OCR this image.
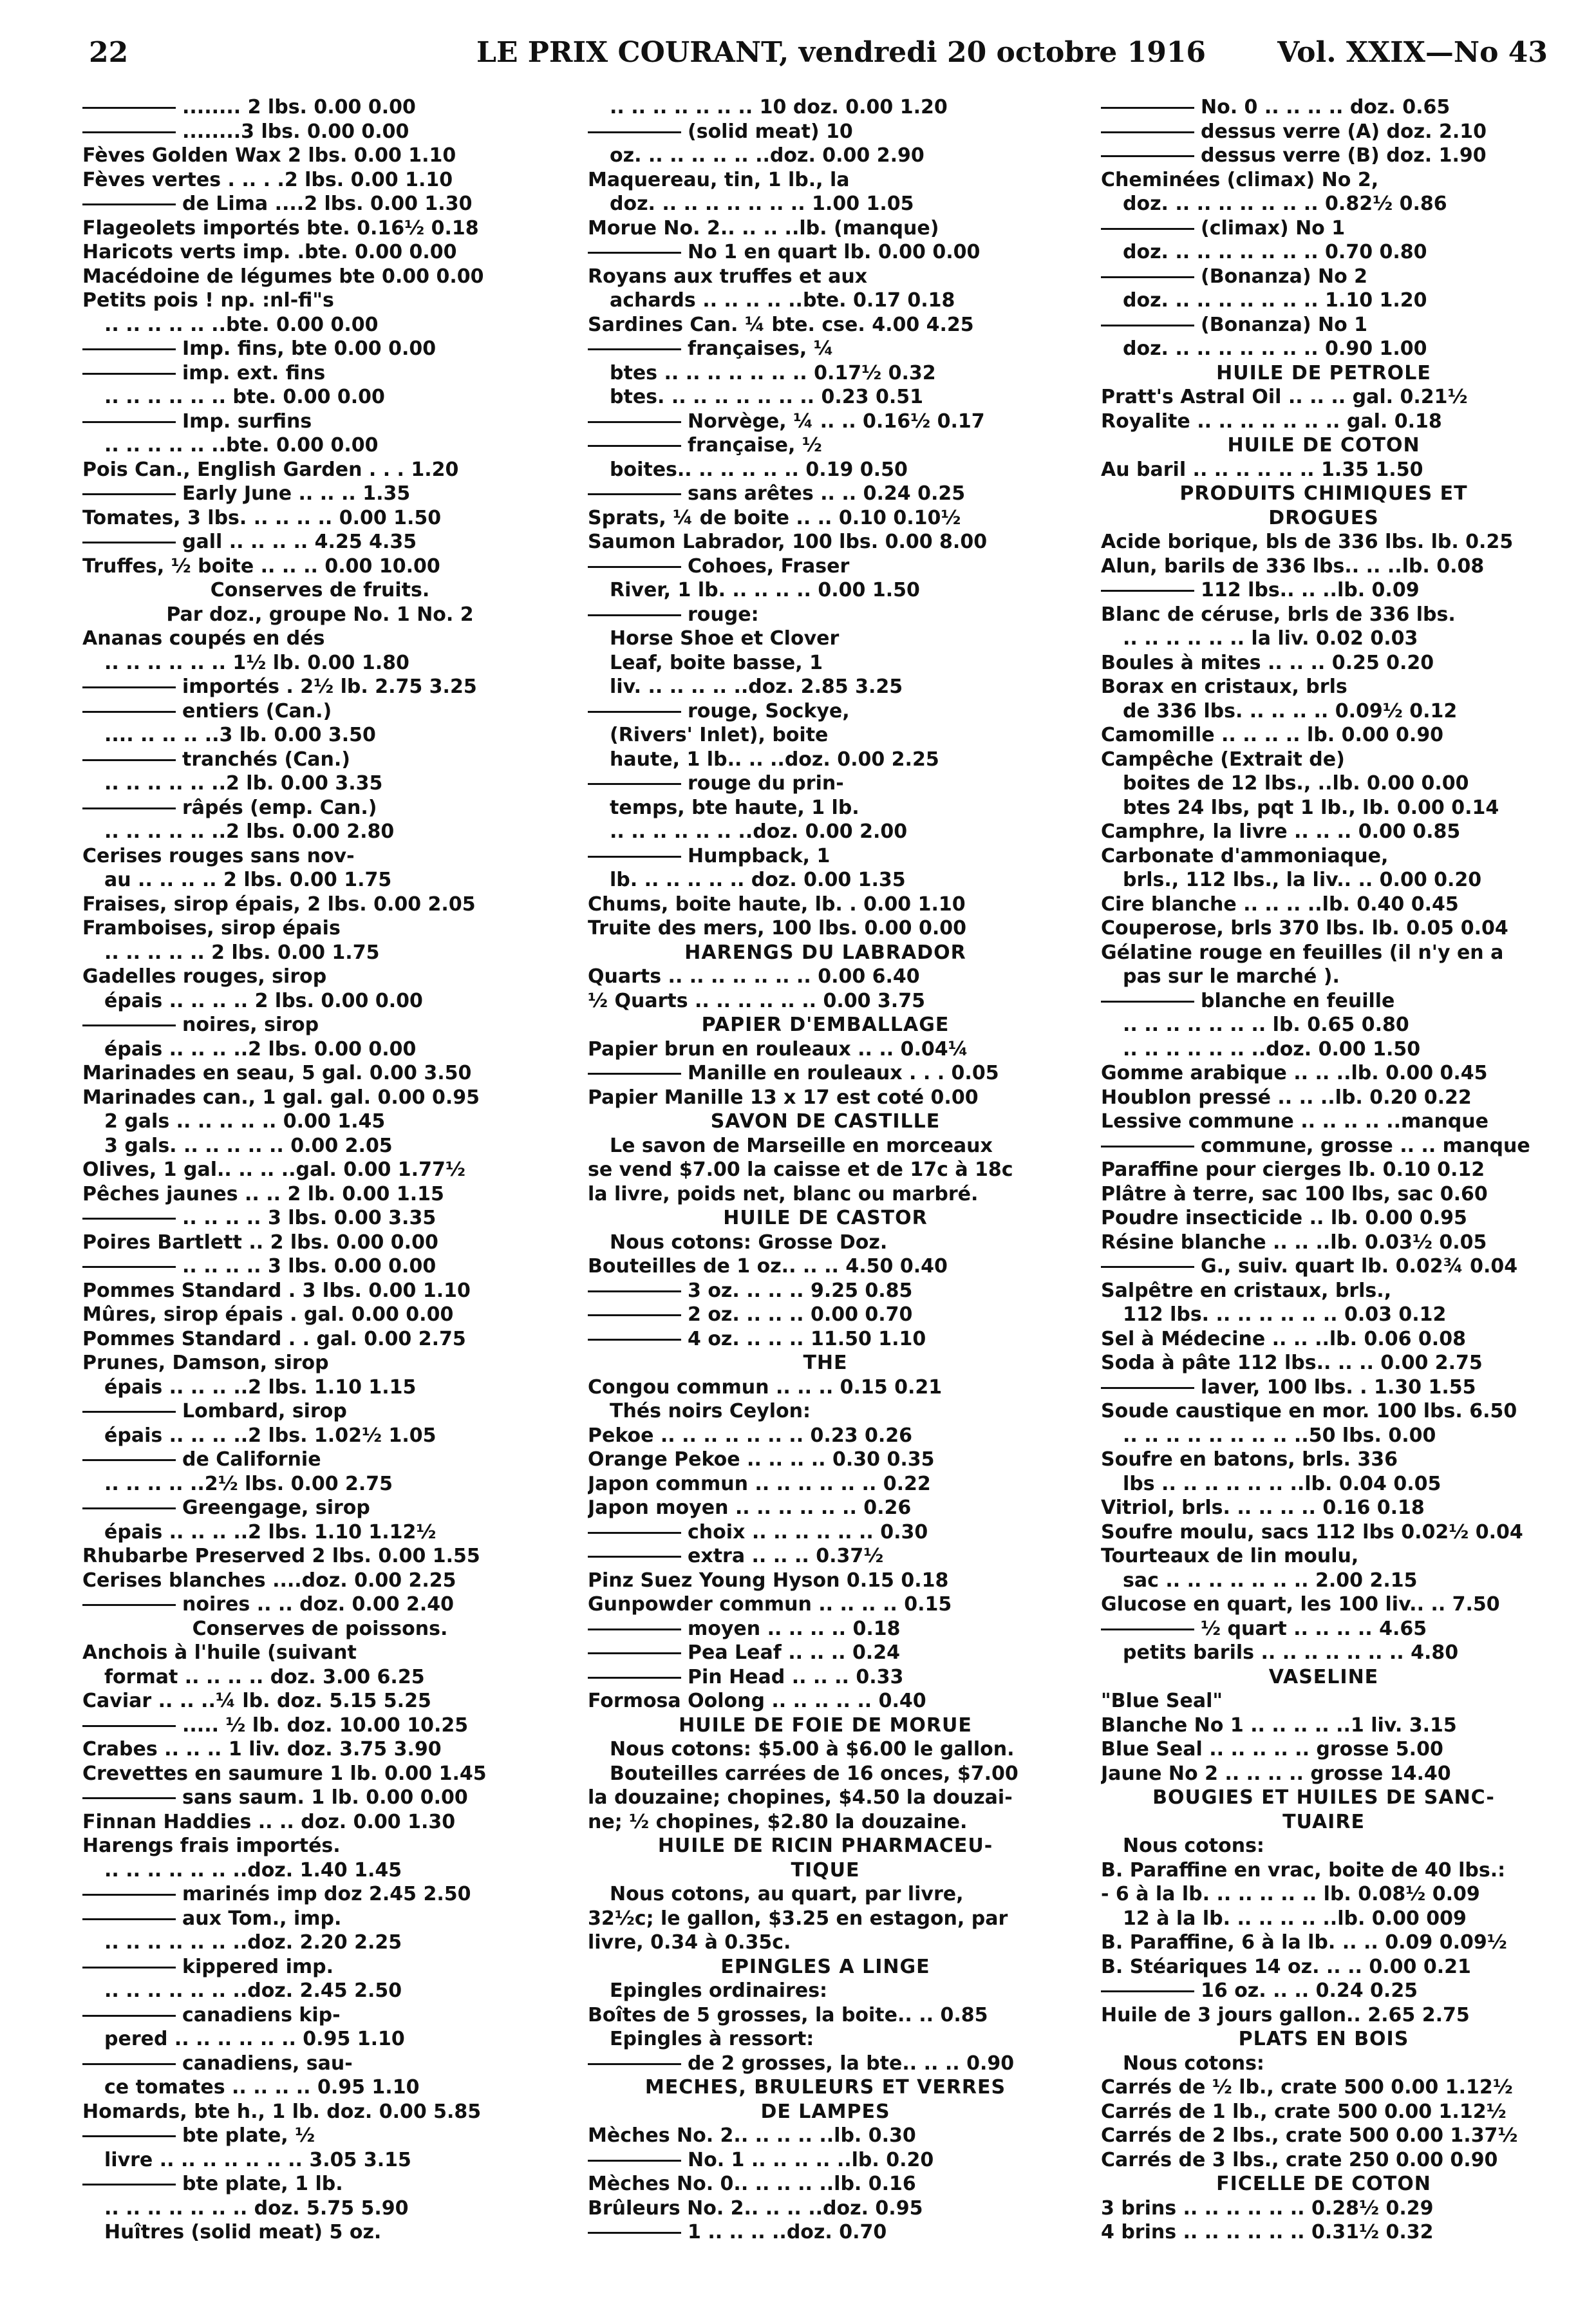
22	LE PRIX COURANT, vendredi 20 octobre 1916	Vol. XXIX—No 43
........ 2 lbs. 0.00 0.00
........3 lbs. 0.00 0.00
Fèves Golden Wax 2 lbs. 0.00 1.10
Fèves vertes . .. . .2 lbs. 0.00 1.10
de Lima ....2 lbs. 0.00 1.30
Flageolets importés bte. 0.16½ 0.18
Haricots verts imp. .bte. 0.00 0.00
Macédoine de légumes bte 0.00 0.00
Petits pois ! np. :nl-fi"s
.. .. .. .. .. ..bte. 0.00 0.00
Imp. fins, bte 0.00 0.00
imp. ext. fins
.. .. .. .. .. .. bte. 0.00 0.00
Imp. surfins
.. .. .. .. .. ..bte. 0.00 0.00
Pois Can., English Garden . . . 1.20
Early June .. .. .. 1.35
Tomates, 3 lbs. .. .. .. .. 0.00 1.50
gall .. .. .. .. 4.25 4.35
Truffes, ½ boite .. .. .. 0.00 10.00
Conserves de fruits.
Par doz., groupe No. 1 No. 2
Ananas coupés en dés
.. .. .. .. .. .. 1½ lb. 0.00 1.80
importés . 2½ lb. 2.75 3.25
entiers (Can.)
.... .. .. .. ..3 lb. 0.00 3.50
tranchés (Can.)
.. .. .. .. .. ..2 lb. 0.00 3.35
râpés (emp. Can.)
.. .. .. .. .. ..2 lbs. 0.00 2.80
Cerises rouges sans nov-
au .. .. .. .. 2 lbs. 0.00 1.75
Fraises, sirop épais, 2 lbs. 0.00 2.05
Framboises, sirop épais
.. .. .. .. .. 2 lbs. 0.00 1.75
Gadelles rouges, sirop
épais .. .. .. .. 2 lbs. 0.00 0.00
noires, sirop
épais .. .. .. ..2 lbs. 0.00 0.00
Marinades en seau, 5 gal. 0.00 3.50
Marinades can., 1 gal. gal. 0.00 0.95
2 gals .. .. .. .. .. 0.00 1.45
3 gals. .. .. .. .. .. 0.00 2.05
Olives, 1 gal.. .. .. ..gal. 0.00 1.77½
Pêches jaunes .. .. 2 lb. 0.00 1.15
.. .. .. .. 3 lbs. 0.00 3.35
Poires Bartlett .. 2 lbs. 0.00 0.00
.. .. .. .. 3 lbs. 0.00 0.00
Pommes Standard . 3 lbs. 0.00 1.10
Mûres, sirop épais . gal. 0.00 0.00
Pommes Standard . . gal. 0.00 2.75
Prunes, Damson, sirop
épais .. .. .. ..2 lbs. 1.10 1.15
Lombard, sirop
épais .. .. .. ..2 lbs. 1.02½ 1.05
de Californie
.. .. .. .. ..2½ lbs. 0.00 2.75
Greengage, sirop
épais .. .. .. ..2 lbs. 1.10 1.12½
Rhubarbe Preserved 2 lbs. 0.00 1.55
Cerises blanches ....doz. 0.00 2.25
noires .. .. doz. 0.00 2.40
Conserves de poissons.
Anchois à l'huile (suivant
format .. .. .. .. doz. 3.00 6.25
Caviar .. .. ..¼ lb. doz. 5.15 5.25
..... ½ lb. doz. 10.00 10.25
Crabes .. .. .. 1 liv. doz. 3.75 3.90
Crevettes en saumure 1 lb. 0.00 1.45
sans saum. 1 lb. 0.00 0.00
Finnan Haddies .. .. doz. 0.00 1.30
Harengs frais importés.
.. .. .. .. .. .. ..doz. 1.40 1.45
marinés imp doz 2.45 2.50
aux Tom., imp.
.. .. .. .. .. .. ..doz. 2.20 2.25
kippered imp.
.. .. .. .. .. .. ..doz. 2.45 2.50
canadiens kip-
pered .. .. .. .. .. .. 0.95 1.10
canadiens, sau-
ce tomates .. .. .. .. 0.95 1.10
Homards, bte h., 1 lb. doz. 0.00 5.85
bte plate, ½
livre .. .. .. .. .. .. .. 3.05 3.15
bte plate, 1 lb.
.. .. .. .. .. .. .. doz. 5.75 5.90
Huîtres (solid meat) 5 oz.
.. .. .. .. .. .. .. 10 doz. 0.00 1.20
(solid meat) 10
oz. .. .. .. .. .. ..doz. 0.00 2.90
Maquereau, tin, 1 lb., la
doz. .. .. .. .. .. .. .. 1.00 1.05
Morue No. 2.. .. .. ..lb. (manque)
No 1 en quart lb. 0.00 0.00
Royans aux truffes et aux
achards .. .. .. .. ..bte. 0.17 0.18
Sardines Can. ¼ bte. cse. 4.00 4.25
françaises, ¼
btes .. .. .. .. .. .. .. 0.17½ 0.32
btes. .. .. .. .. .. .. .. 0.23 0.51
Norvège, ¼ .. .. 0.16½ 0.17
française, ½
boites.. .. .. .. .. .. 0.19 0.50
sans arêtes .. .. 0.24 0.25
Sprats, ¼ de boite .. .. 0.10 0.10½
Saumon Labrador, 100 lbs. 0.00 8.00
Cohoes, Fraser
River, 1 lb. .. .. .. .. 0.00 1.50
rouge:
Horse Shoe et Clover
Leaf, boite basse, 1
liv. .. .. .. .. ..doz. 2.85 3.25
rouge, Sockye,
(Rivers' Inlet), boite
haute, 1 lb.. .. ..doz. 0.00 2.25
rouge du prin-
temps, bte haute, 1 lb.
.. .. .. .. .. .. ..doz. 0.00 2.00
Humpback, 1
lb. .. .. .. .. .. doz. 0.00 1.35
Chums, boite haute, lb. . 0.00 1.10
Truite des mers, 100 lbs. 0.00 0.00
HARENGS DU LABRADOR
Quarts .. .. .. .. .. .. .. 0.00 6.40
½ Quarts .. .. .. .. .. .. 0.00 3.75
PAPIER D'EMBALLAGE
Papier brun en rouleaux .. .. 0.04¼
Manille en rouleaux . . . 0.05
Papier Manille 13 x 17 est coté 0.00
SAVON DE CASTILLE
Le savon de Marseille en morceaux
se vend $7.00 la caisse et de 17c à 18c
la livre, poids net, blanc ou marbré.
HUILE DE CASTOR
Nous cotons: Grosse Doz.
Bouteilles de 1 oz.. .. .. 4.50 0.40
3 oz. .. .. .. 9.25 0.85
2 oz. .. .. .. 0.00 0.70
4 oz. .. .. .. 11.50 1.10
THE
Congou commun .. .. .. 0.15 0.21
Thés noirs Ceylon:
Pekoe .. .. .. .. .. .. .. 0.23 0.26
Orange Pekoe .. .. .. .. 0.30 0.35
Japon commun .. .. .. .. .. .. 0.22
Japon moyen .. .. .. .. .. .. 0.26
choix .. .. .. .. .. .. 0.30
extra .. .. .. 0.37½
Pinz Suez Young Hyson 0.15 0.18
Gunpowder commun .. .. .. .. 0.15
moyen .. .. .. .. 0.18
Pea Leaf .. .. .. 0.24
Pin Head .. .. .. 0.33
Formosa Oolong .. .. .. .. .. 0.40
HUILE DE FOIE DE MORUE
Nous cotons: $5.00 à $6.00 le gallon.
Bouteilles carrées de 16 onces, $7.00
la douzaine; chopines, $4.50 la douzai-
ne; ½ chopines, $2.80 la douzaine.
HUILE DE RICIN PHARMACEU-
TIQUE
Nous cotons, au quart, par livre,
32½c; le gallon, $3.25 en estagon, par
livre, 0.34 à 0.35c.
EPINGLES A LINGE
Epingles ordinaires:
Boîtes de 5 grosses, la boite.. .. 0.85
Epingles à ressort:
de 2 grosses, la bte.. .. .. 0.90
MECHES, BRULEURS ET VERRES
DE LAMPES
Mèches No. 2.. .. .. .. ..lb. 0.30
No. 1 .. .. .. .. ..lb. 0.20
Mèches No. 0.. .. .. .. ..lb. 0.16
Brûleurs No. 2.. .. .. ..doz. 0.95
1 .. .. .. ..doz. 0.70
No. 0 .. .. .. .. doz. 0.65
dessus verre (A) doz. 2.10
dessus verre (B) doz. 1.90
Cheminées (climax) No 2,
doz. .. .. .. .. .. .. .. 0.82½ 0.86
(climax) No 1
doz. .. .. .. .. .. .. .. 0.70 0.80
(Bonanza) No 2
doz. .. .. .. .. .. .. .. 1.10 1.20
(Bonanza) No 1
doz. .. .. .. .. .. .. .. 0.90 1.00
HUILE DE PETROLE
Pratt's Astral Oil .. .. .. gal. 0.21½
Royalite .. .. .. .. .. .. .. gal. 0.18
HUILE DE COTON
Au baril .. .. .. .. .. .. 1.35 1.50
PRODUITS CHIMIQUES ET
DROGUES
Acide borique, bls de 336 lbs. lb. 0.25
Alun, barils de 336 lbs.. .. ..lb. 0.08
112 lbs.. .. ..lb. 0.09
Blanc de céruse, brls de 336 lbs.
.. .. .. .. .. .. la liv. 0.02 0.03
Boules à mites .. .. .. 0.25 0.20
Borax en cristaux, brls
de 336 lbs. .. .. .. .. 0.09½ 0.12
Camomille .. .. .. .. lb. 0.00 0.90
Campêche (Extrait de)
boites de 12 lbs., ..lb. 0.00 0.00
btes 24 lbs, pqt 1 lb., lb. 0.00 0.14
Camphre, la livre .. .. .. 0.00 0.85
Carbonate d'ammoniaque,
brls., 112 lbs., la liv.. .. 0.00 0.20
Cire blanche .. .. .. ..lb. 0.40 0.45
Couperose, brls 370 lbs. lb. 0.05 0.04
Gélatine rouge en feuilles (il n'y en a
pas sur le marché ).
blanche en feuille
.. .. .. .. .. .. .. lb. 0.65 0.80
.. .. .. .. .. .. ..doz. 0.00 1.50
Gomme arabique .. .. ..lb. 0.00 0.45
Houblon pressé .. .. ..lb. 0.20 0.22
Lessive commune .. .. .. .. ..manque
commune, grosse .. .. manque
Paraffine pour cierges lb. 0.10 0.12
Plâtre à terre, sac 100 lbs, sac 0.60
Poudre insecticide .. lb. 0.00 0.95
Résine blanche .. .. ..lb. 0.03½ 0.05
G., suiv. quart lb. 0.02¾ 0.04
Salpêtre en cristaux, brls.,
112 lbs. .. .. .. .. .. .. 0.03 0.12
Sel à Médecine .. .. ..lb. 0.06 0.08
Soda à pâte 112 lbs.. .. .. 0.00 2.75
laver, 100 lbs. . 1.30 1.55
Soude caustique en mor. 100 lbs. 6.50
.. .. .. .. .. .. .. .. ..50 lbs. 0.00
Soufre en batons, brls. 336
lbs .. .. .. .. .. .. ..lb. 0.04 0.05
Vitriol, brls. .. .. .. .. 0.16 0.18
Soufre moulu, sacs 112 lbs 0.02½ 0.04
Tourteaux de lin moulu,
sac .. .. .. .. .. .. .. 2.00 2.15
Glucose en quart, les 100 liv.. .. 7.50
½ quart .. .. .. .. 4.65
petits barils .. .. .. .. .. .. .. 4.80
VASELINE
"Blue Seal"
Blanche No 1 .. .. .. .. ..1 liv. 3.15
Blue Seal .. .. .. .. .. grosse 5.00
Jaune No 2 .. .. .. .. grosse 14.40
BOUGIES ET HUILES DE SANC-
TUAIRE
Nous cotons:
B. Paraffine en vrac, boite de 40 lbs.:
- 6 à la lb. .. .. .. .. .. lb. 0.08½ 0.09
12 à la lb. .. .. .. .. ..lb. 0.00 009
B. Paraffine, 6 à la lb. .. .. 0.09 0.09½
B. Stéariques 14 oz. .. .. 0.00 0.21
16 oz. .. .. 0.24 0.25
Huile de 3 jours gallon.. 2.65 2.75
PLATS EN BOIS
Nous cotons:
Carrés de ½ lb., crate 500 0.00 1.12½
Carrés de 1 lb., crate 500 0.00 1.12½
Carrés de 2 lbs., crate 500 0.00 1.37½
Carrés de 3 lbs., crate 250 0.00 0.90
FICELLE DE COTON
3 brins .. .. .. .. .. .. 0.28½ 0.29
4 brins .. .. .. .. .. .. 0.31½ 0.32
